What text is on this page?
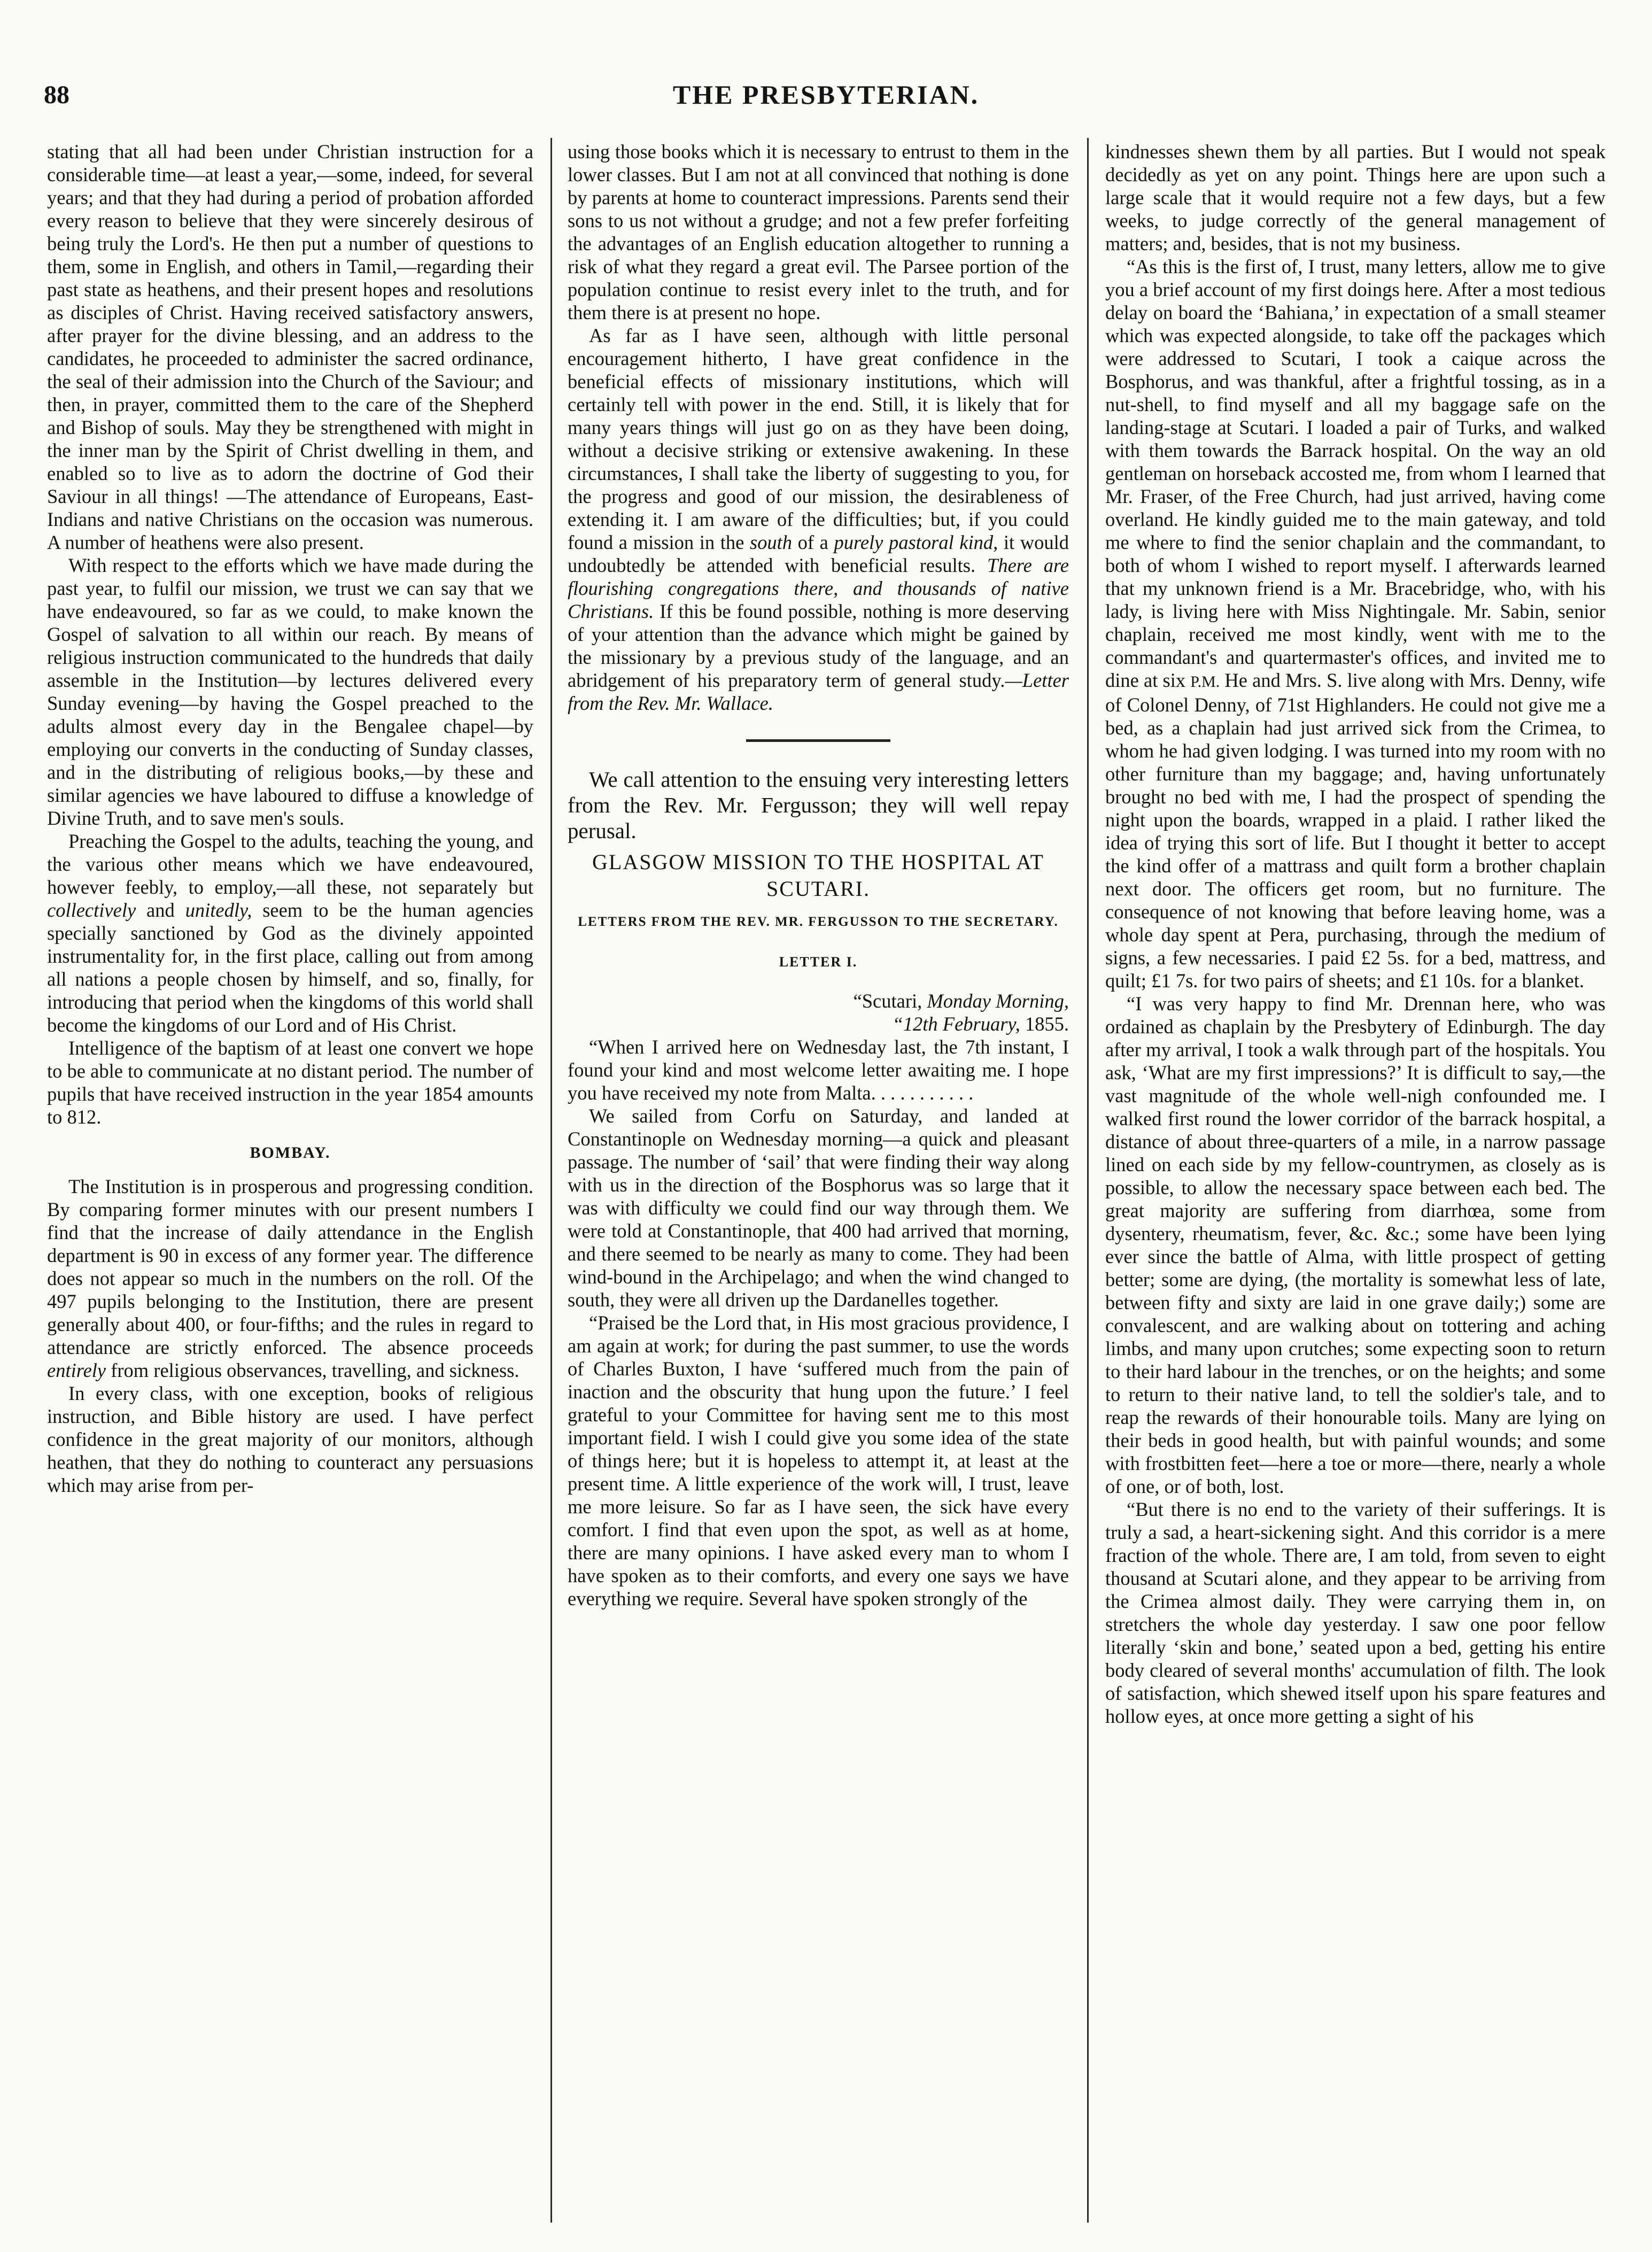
88	THE PRESBYTERIAN.

stating that all had been under Christian instruction for a considerable time—at least a year,—some, indeed, for several years; and that they had during a period of probation afforded every reason to believe that they were sincerely desirous of being truly the Lord's. He then put a number of questions to them, some in English, and others in Tamil,—regarding their past state as heathens, and their present hopes and resolutions as disciples of Christ. Having received satisfactory answers, after prayer for the divine blessing, and an address to the candidates, he proceeded to administer the sacred ordinance, the seal of their admission into the Church of the Saviour; and then, in prayer, committed them to the care of the Shepherd and Bishop of souls. May they be strengthened with might in the inner man by the Spirit of Christ dwelling in them, and enabled so to live as to adorn the doctrine of God their Saviour in all things! —The attendance of Europeans, East-Indians and native Christians on the occasion was numerous. A number of heathens were also present.

With respect to the efforts which we have made during the past year, to fulfil our mission, we trust we can say that we have endeavoured, so far as we could, to make known the Gospel of salvation to all within our reach. By means of religious instruction communicated to the hundreds that daily assemble in the Institution—by lectures delivered every Sunday evening—by having the Gospel preached to the adults almost every day in the Bengalee chapel—by employing our converts in the conducting of Sunday classes, and in the distributing of religious books,—by these and similar agencies we have laboured to diffuse a knowledge of Divine Truth, and to save men's souls.

Preaching the Gospel to the adults, teaching the young, and the various other means which we have endeavoured, however feebly, to employ,—all these, not separately but collectively and unitedly, seem to be the human agencies specially sanctioned by God as the divinely appointed instrumentality for, in the first place, calling out from among all nations a people chosen by himself, and so, finally, for introducing that period when the kingdoms of this world shall become the kingdoms of our Lord and of His Christ.

Intelligence of the baptism of at least one convert we hope to be able to communicate at no distant period. The number of pupils that have received instruction in the year 1854 amounts to 812.

BOMBAY.

The Institution is in prosperous and progressing condition. By comparing former minutes with our present numbers I find that the increase of daily attendance in the English department is 90 in excess of any former year. The difference does not appear so much in the numbers on the roll. Of the 497 pupils belonging to the Institution, there are present generally about 400, or four-fifths; and the rules in regard to attendance are strictly enforced. The absence proceeds entirely from religious observances, travelling, and sickness.

In every class, with one exception, books of religious instruction, and Bible history are used. I have perfect confidence in the great majority of our monitors, although heathen, that they do nothing to counteract any persuasions which may arise from per-

using those books which it is necessary to entrust to them in the lower classes. But I am not at all convinced that nothing is done by parents at home to counteract impressions. Parents send their sons to us not without a grudge; and not a few prefer forfeiting the advantages of an English education altogether to running a risk of what they regard a great evil. The Parsee portion of the population continue to resist every inlet to the truth, and for them there is at present no hope.

As far as I have seen, although with little personal encouragement hitherto, I have great confidence in the beneficial effects of missionary institutions, which will certainly tell with power in the end. Still, it is likely that for many years things will just go on as they have been doing, without a decisive striking or extensive awakening. In these circumstances, I shall take the liberty of suggesting to you, for the progress and good of our mission, the desirableness of extending it. I am aware of the difficulties; but, if you could found a mission in the south of a purely pastoral kind, it would undoubtedly be attended with beneficial results. There are flourishing congregations there, and thousands of native Christians. If this be found possible, nothing is more deserving of your attention than the advance which might be gained by the missionary by a previous study of the language, and an abridgement of his preparatory term of general study.—Letter from the Rev. Mr. Wallace.

We call attention to the ensuing very interesting letters from the Rev. Mr. Fergusson; they will well repay perusal.

GLASGOW MISSION TO THE HOSPITAL AT SCUTARI.
LETTERS FROM THE REV. MR. FERGUSSON TO THE SECRETARY.
LETTER I.

“Scutari, Monday Morning,
“12th February, 1855.

“When I arrived here on Wednesday last, the 7th instant, I found your kind and most welcome letter awaiting me. I hope you have received my note from Malta. . . . . . . . . . .

We sailed from Corfu on Saturday, and landed at Constantinople on Wednesday morning—a quick and pleasant passage. The number of ‘sail’ that were finding their way along with us in the direction of the Bosphorus was so large that it was with difficulty we could find our way through them. We were told at Constantinople, that 400 had arrived that morning, and there seemed to be nearly as many to come. They had been wind-bound in the Archipelago; and when the wind changed to south, they were all driven up the Dardanelles together.

“Praised be the Lord that, in His most gracious providence, I am again at work; for during the past summer, to use the words of Charles Buxton, I have ‘suffered much from the pain of inaction and the obscurity that hung upon the future.’ I feel grateful to your Committee for having sent me to this most important field. I wish I could give you some idea of the state of things here; but it is hopeless to attempt it, at least at the present time. A little experience of the work will, I trust, leave me more leisure. So far as I have seen, the sick have every comfort. I find that even upon the spot, as well as at home, there are many opinions. I have asked every man to whom I have spoken as to their comforts, and every one says we have everything we require. Several have spoken strongly of the

kindnesses shewn them by all parties. But I would not speak decidedly as yet on any point. Things here are upon such a large scale that it would require not a few days, but a few weeks, to judge correctly of the general management of matters; and, besides, that is not my business.

“As this is the first of, I trust, many letters, allow me to give you a brief account of my first doings here. After a most tedious delay on board the ‘Bahiana,’ in expectation of a small steamer which was expected alongside, to take off the packages which were addressed to Scutari, I took a caique across the Bosphorus, and was thankful, after a frightful tossing, as in a nut-shell, to find myself and all my baggage safe on the landing-stage at Scutari. I loaded a pair of Turks, and walked with them towards the Barrack hospital. On the way an old gentleman on horseback accosted me, from whom I learned that Mr. Fraser, of the Free Church, had just arrived, having come overland. He kindly guided me to the main gateway, and told me where to find the senior chaplain and the commandant, to both of whom I wished to report myself. I afterwards learned that my unknown friend is a Mr. Bracebridge, who, with his lady, is living here with Miss Nightingale. Mr. Sabin, senior chaplain, received me most kindly, went with me to the commandant's and quartermaster's offices, and invited me to dine at six P.M. He and Mrs. S. live along with Mrs. Denny, wife of Colonel Denny, of 71st Highlanders. He could not give me a bed, as a chaplain had just arrived sick from the Crimea, to whom he had given lodging. I was turned into my room with no other furniture than my baggage; and, having unfortunately brought no bed with me, I had the prospect of spending the night upon the boards, wrapped in a plaid. I rather liked the idea of trying this sort of life. But I thought it better to accept the kind offer of a mattrass and quilt form a brother chaplain next door. The officers get room, but no furniture. The consequence of not knowing that before leaving home, was a whole day spent at Pera, purchasing, through the medium of signs, a few necessaries. I paid £2 5s. for a bed, mattress, and quilt; £1 7s. for two pairs of sheets; and £1 10s. for a blanket.

“I was very happy to find Mr. Drennan here, who was ordained as chaplain by the Presbytery of Edinburgh. The day after my arrival, I took a walk through part of the hospitals. You ask, ‘What are my first impressions?’ It is difficult to say,—the vast magnitude of the whole well-nigh confounded me. I walked first round the lower corridor of the barrack hospital, a distance of about three-quarters of a mile, in a narrow passage lined on each side by my fellow-countrymen, as closely as is possible, to allow the necessary space between each bed. The great majority are suffering from diarrhœa, some from dysentery, rheumatism, fever, &c. &c.; some have been lying ever since the battle of Alma, with little prospect of getting better; some are dying, (the mortality is somewhat less of late, between fifty and sixty are laid in one grave daily;) some are convalescent, and are walking about on tottering and aching limbs, and many upon crutches; some expecting soon to return to their hard labour in the trenches, or on the heights; and some to return to their native land, to tell the soldier's tale, and to reap the rewards of their honourable toils. Many are lying on their beds in good health, but with painful wounds; and some with frostbitten feet—here a toe or more—there, nearly a whole of one, or of both, lost.

“But there is no end to the variety of their sufferings. It is truly a sad, a heart-sickening sight. And this corridor is a mere fraction of the whole. There are, I am told, from seven to eight thousand at Scutari alone, and they appear to be arriving from the Crimea almost daily. They were carrying them in, on stretchers the whole day yesterday. I saw one poor fellow literally ‘skin and bone,’ seated upon a bed, getting his entire body cleared of several months' accumulation of filth. The look of satisfaction, which shewed itself upon his spare features and hollow eyes, at once more getting a sight of his
